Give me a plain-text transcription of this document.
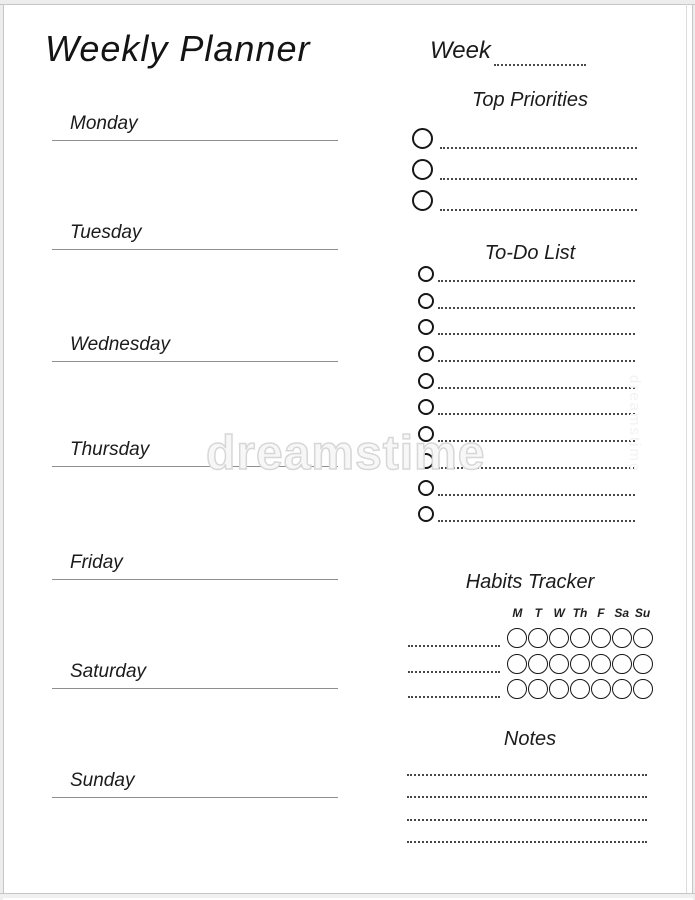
Weekly Planner
Monday
Tuesday
Wednesday
Thursday
Friday
Saturday
Sunday
Week
Top Priorities
To-Do List
Habits Tracker
M	T W Th F Sa Su
Notes
dreamstime	dreamstime
